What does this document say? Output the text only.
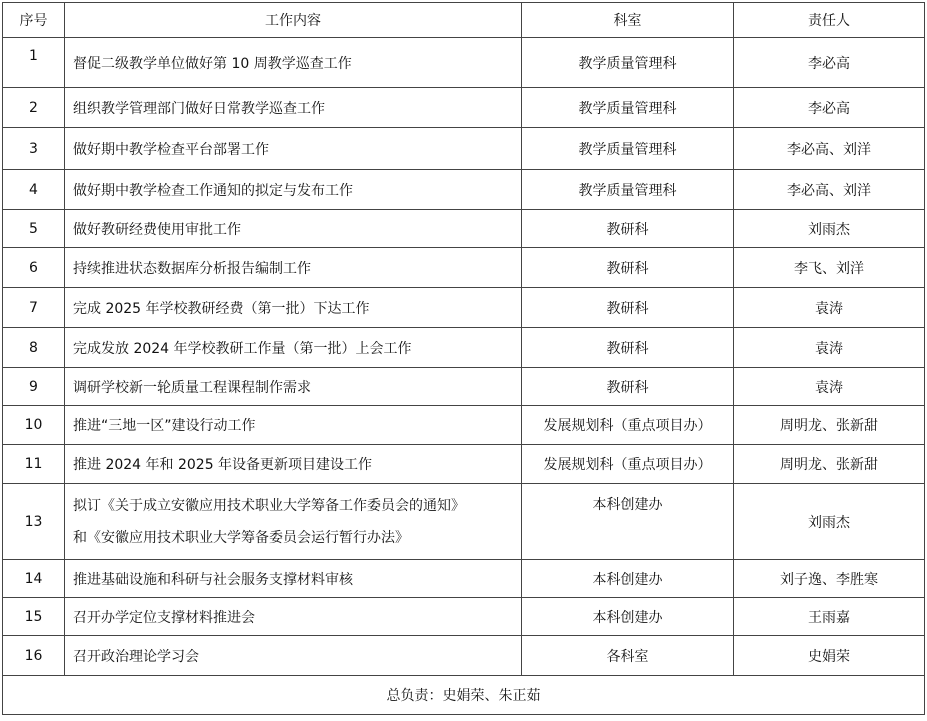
序号	工作内容	科室	责任人
1	督促二级教学单位做好第 10 周教学巡查工作	教学质量管理科	李必高
2	组织教学管理部门做好日常教学巡查工作	教学质量管理科	李必高
3	做好期中教学检查平台部署工作	教学质量管理科	李必高、刘洋
4	做好期中教学检查工作通知的拟定与发布工作	教学质量管理科	李必高、刘洋
5	做好教研经费使用审批工作	教研科	刘雨杰
6	持续推进状态数据库分析报告编制工作	教研科	李飞、刘洋
7	完成 2025 年学校教研经费（第一批）下达工作	教研科	袁涛
8	完成发放 2024 年学校教研工作量（第一批）上会工作	教研科	袁涛
9	调研学校新一轮质量工程课程制作需求	教研科	袁涛
10	推进“三地一区”建设行动工作	发展规划科（重点项目办）	周明龙、张新甜
11	推进 2024 年和 2025 年设备更新项目建设工作	发展规划科（重点项目办）	周明龙、张新甜
13	拟订《关于成立安徽应用技术职业大学筹备工作委员会的通知》
和《安徽应用技术职业大学筹备委员会运行暂行办法》	本科创建办	刘雨杰
14	推进基础设施和科研与社会服务支撑材料审核	本科创建办	刘子逸、李胜寒
15	召开办学定位支撑材料推进会	本科创建办	王雨嘉
16	召开政治理论学习会	各科室	史娟荣
总负责：史娟荣、朱正茹			
